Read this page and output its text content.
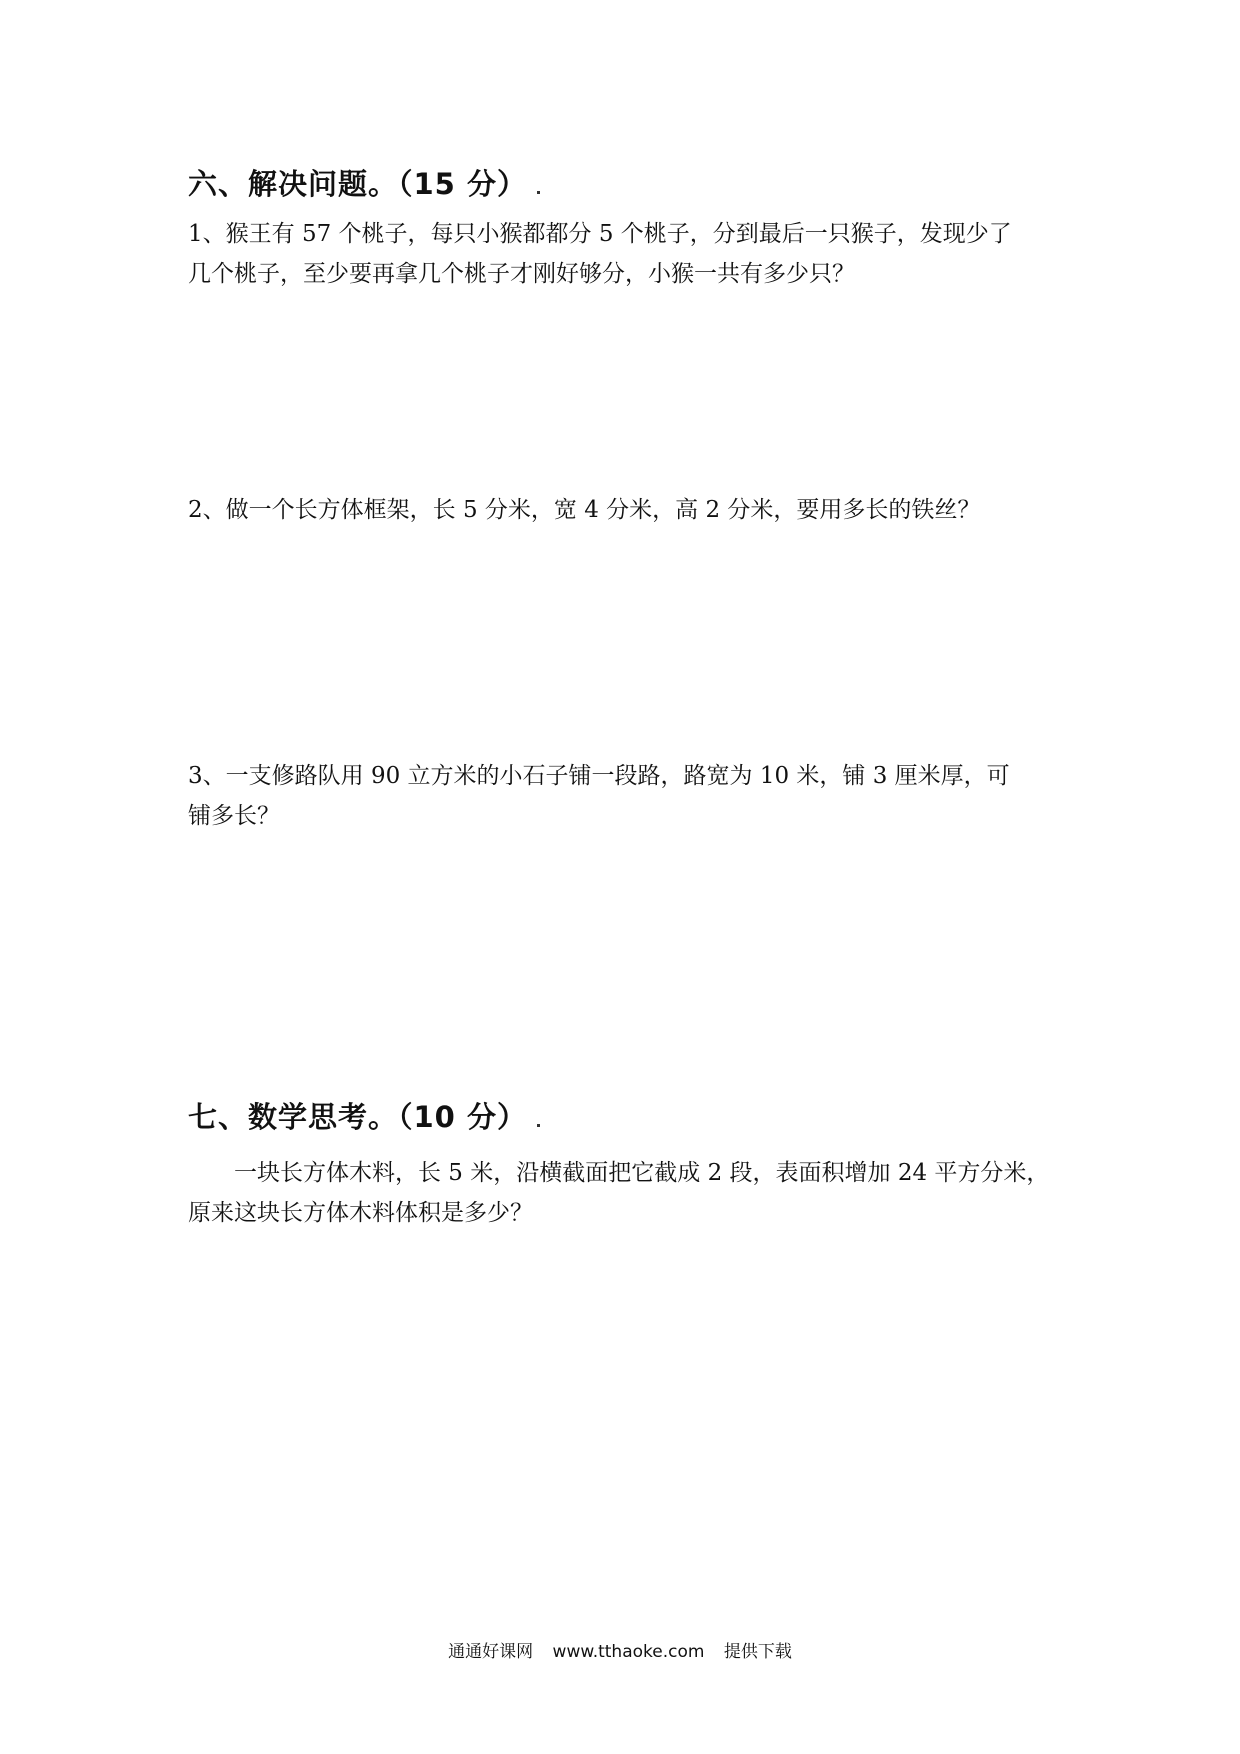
六、解决问题。（15 分）

1、猴王有 57 个桃子，每只小猴都都分 5 个桃子，分到最后一只猴子，发现少了
几个桃子，至少要再拿几个桃子才刚好够分，小猴一共有多少只？

2、做一个长方体框架，长 5 分米，宽 4 分米，高 2 分米，要用多长的铁丝？

3、一支修路队用 90 立方米的小石子铺一段路，路宽为 10 米，铺 3 厘米厚，可
铺多长？

七、数学思考。（10 分）

一块长方体木料，长 5 米，沿横截面把它截成 2 段，表面积增加 24 平方分米，
原来这块长方体木料体积是多少？

通通好课网 www.tthaoke.com 提供下载
